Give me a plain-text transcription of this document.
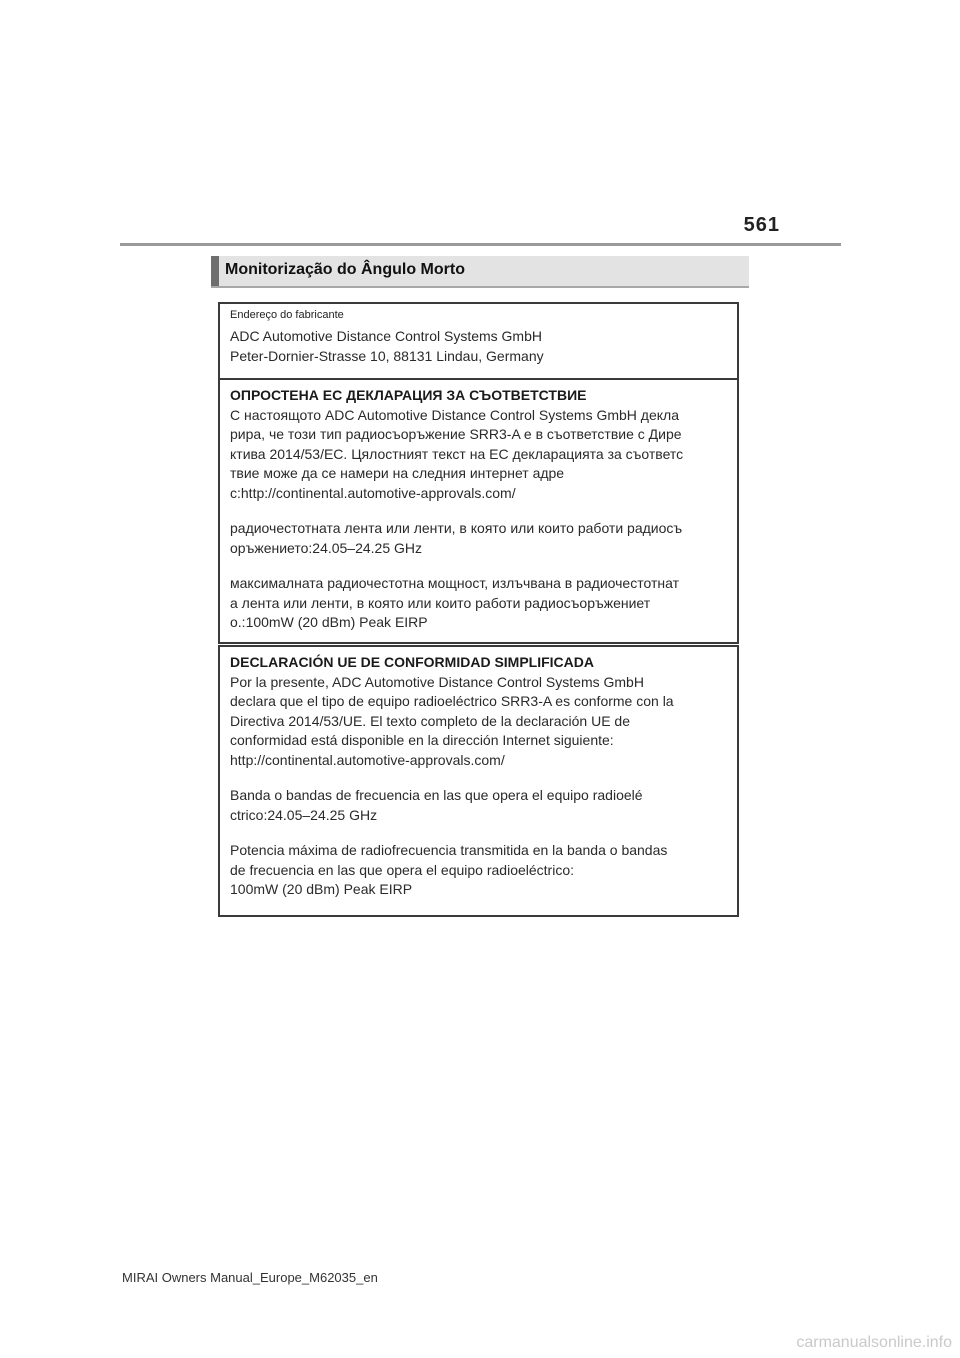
561
Monitorização do Ângulo Morto
Endereço do fabricante
ADC Automotive Distance Control Systems GmbH
Peter-Dornier-Strasse 10, 88131 Lindau, Germany
ОПРОСТЕНА ЕС ДЕКЛАРАЦИЯ ЗА СЪОТВЕТСТВИЕ
С настоящото ADC Automotive Distance Control Systems GmbH декла
рира, че този тип радиосъоръжение SRR3-A е в съответствие с Дире
ктива 2014/53/ЕС. Цялостният текст на ЕС декларацията за съответс
твие може да се намери на следния интернет адре
с:http://continental.automotive-approvals.com/
радиочестотната лента или ленти, в която или които работи радиосъ
оръжението:24.05–24.25 GHz
максималната радиочестотна мощност, излъчвана в радиочестотнат
а лента или ленти, в която или които работи радиосъоръжениет
о.:100mW (20 dBm) Peak EIRP
DECLARACIÓN UE DE CONFORMIDAD SIMPLIFICADA
Por la presente, ADC Automotive Distance Control Systems GmbH
declara que el tipo de equipo radioeléctrico SRR3-A es conforme con la
Directiva 2014/53/UE. El texto completo de la declaración UE de
conformidad está disponible en la dirección Internet siguiente:
http://continental.automotive-approvals.com/
Banda o bandas de frecuencia en las que opera el equipo radioelé
ctrico:24.05–24.25 GHz
Potencia máxima de radiofrecuencia transmitida en la banda o bandas
de frecuencia en las que opera el equipo radioeléctrico:
100mW (20 dBm) Peak EIRP
MIRAI Owners Manual_Europe_M62035_en
carmanualsonline.info
